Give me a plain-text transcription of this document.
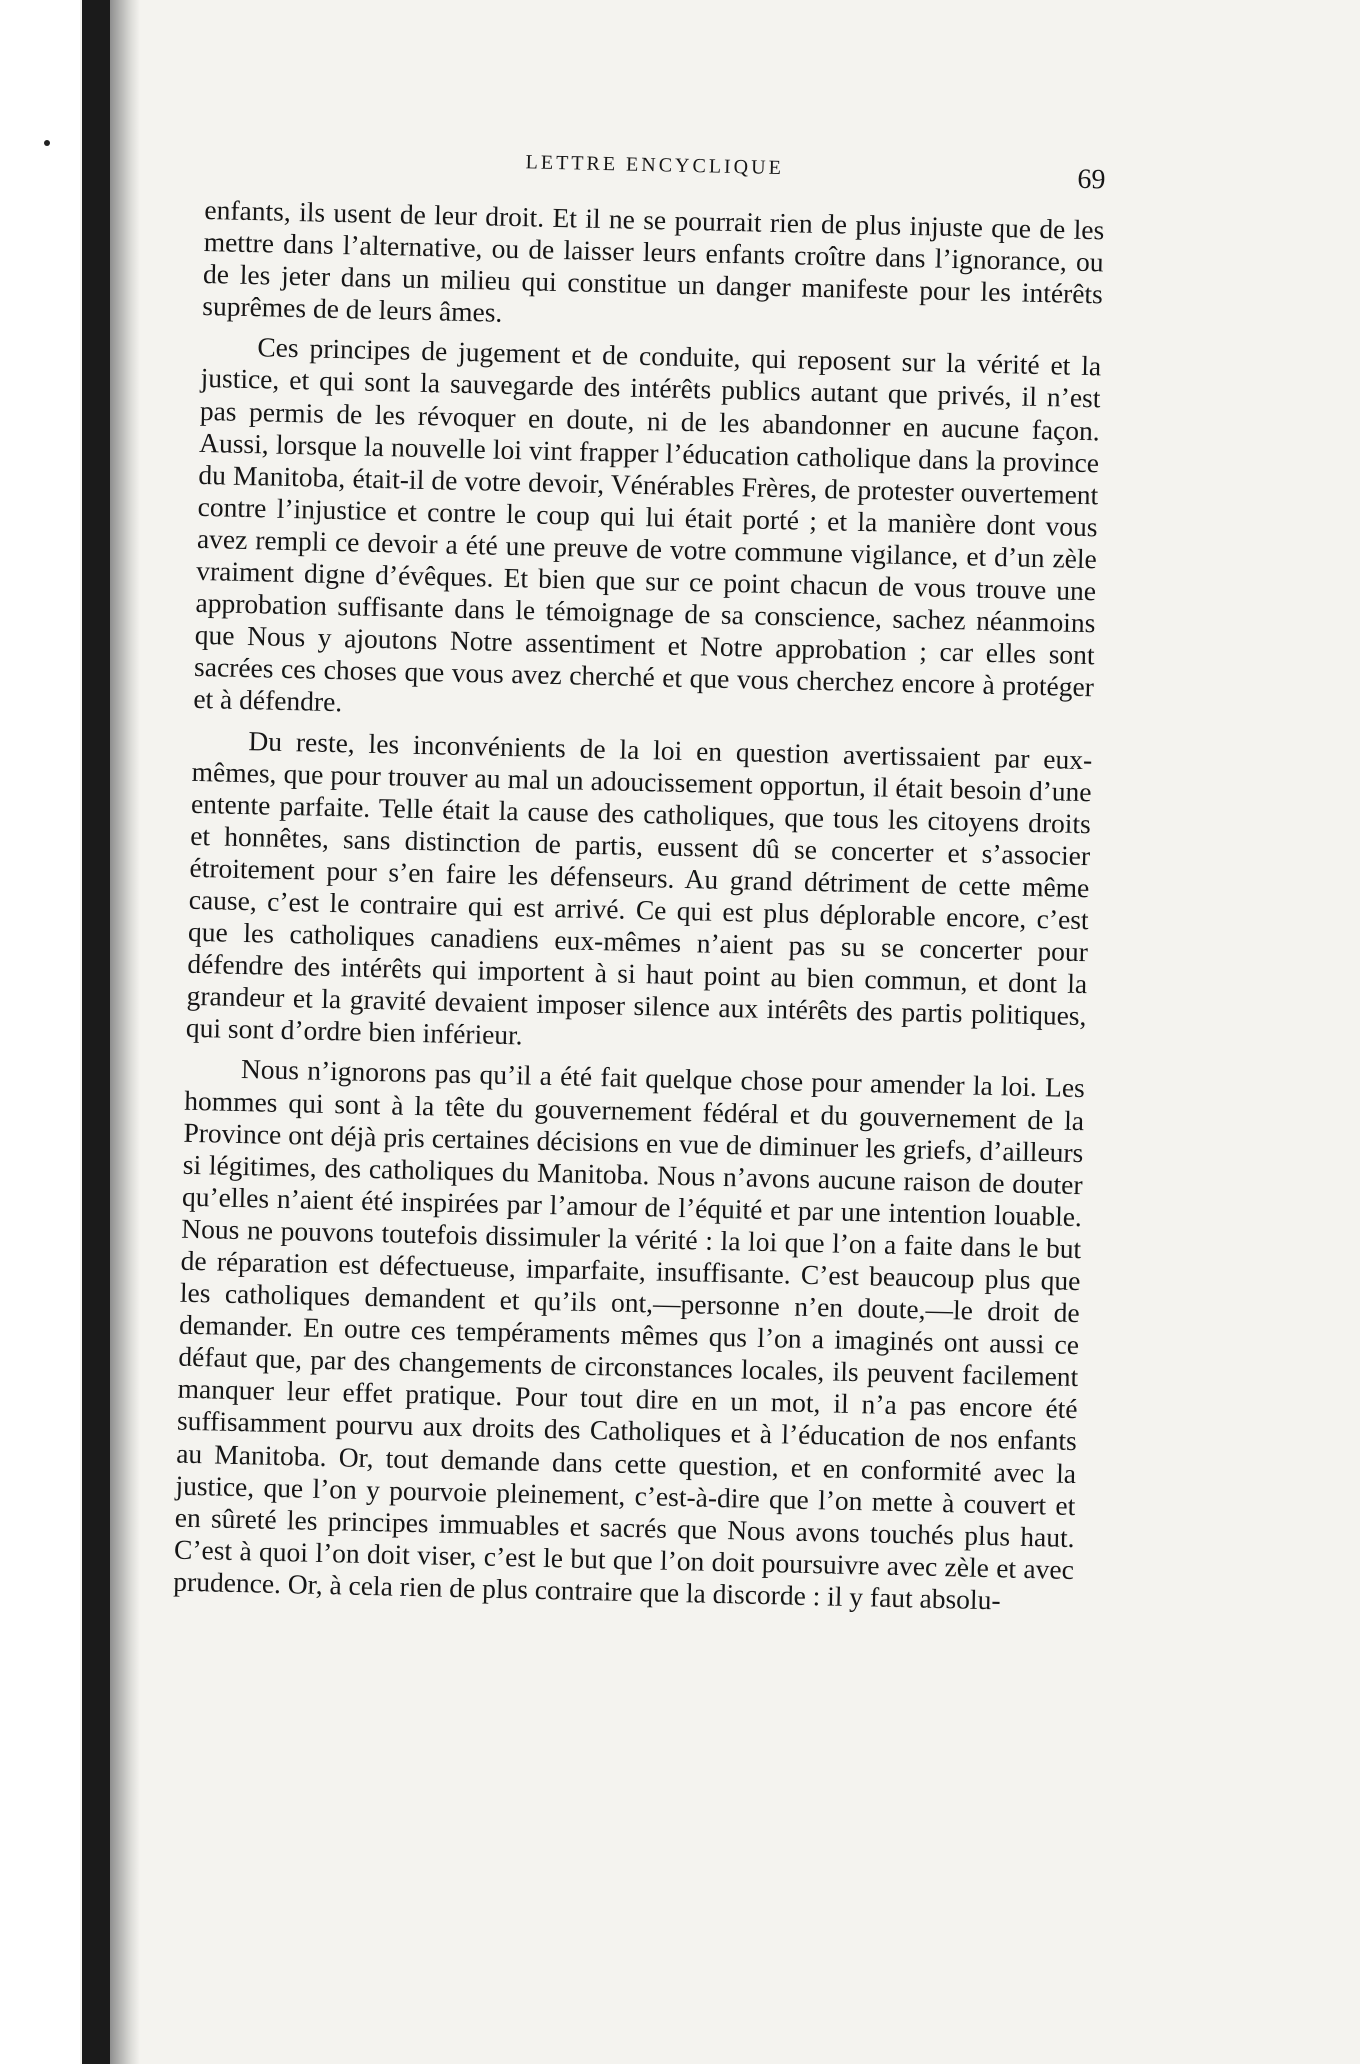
LETTRE ENCYCLIQUE	69

enfants, ils usent de leur droit. Et il ne se pourrait rien de plus injuste que de les mettre dans l’alternative, ou de laisser leurs enfants croître dans l’ignorance, ou de les jeter dans un milieu qui constitue un danger manifeste pour les intérêts suprêmes de de leurs âmes.

Ces principes de jugement et de conduite, qui reposent sur la vérité et la justice, et qui sont la sauvegarde des intérêts publics autant que privés, il n’est pas permis de les révoquer en doute, ni de les abandonner en aucune façon. Aussi, lorsque la nouvelle loi vint frapper l’éducation catholique dans la province du Manitoba, était-il de votre devoir, Vénérables Frères, de protester ouvertement contre l’injustice et contre le coup qui lui était porté ; et la manière dont vous avez rempli ce devoir a été une preuve de votre commune vigilance, et d’un zèle vraiment digne d’évêques. Et bien que sur ce point chacun de vous trouve une approbation suffisante dans le témoignage de sa conscience, sachez néanmoins que Nous y ajoutons Notre assentiment et Notre approbation ; car elles sont sacrées ces choses que vous avez cherché et que vous cherchez encore à protéger et à défendre.

Du reste, les inconvénients de la loi en question avertissaient par eux-mêmes, que pour trouver au mal un adoucissement opportun, il était besoin d’une entente parfaite. Telle était la cause des catholiques, que tous les citoyens droits et honnêtes, sans distinction de partis, eussent dû se concerter et s’associer étroitement pour s’en faire les défenseurs. Au grand détriment de cette même cause, c’est le contraire qui est arrivé. Ce qui est plus déplorable encore, c’est que les catholiques canadiens eux-mêmes n’aient pas su se concerter pour défendre des intérêts qui importent à si haut point au bien commun, et dont la grandeur et la gravité devaient imposer silence aux intérêts des partis politiques, qui sont d’ordre bien inférieur.

Nous n’ignorons pas qu’il a été fait quelque chose pour amender la loi. Les hommes qui sont à la tête du gouvernement fédéral et du gouvernement de la Province ont déjà pris certaines décisions en vue de diminuer les griefs, d’ailleurs si légitimes, des catholiques du Manitoba. Nous n’avons aucune raison de douter qu’elles n’aient été inspirées par l’amour de l’équité et par une intention louable. Nous ne pouvons toutefois dissimuler la vérité : la loi que l’on a faite dans le but de réparation est défectueuse, imparfaite, insuffisante. C’est beaucoup plus que les catholiques demandent et qu’ils ont,—personne n’en doute,—le droit de demander. En outre ces tempéraments mêmes qus l’on a imaginés ont aussi ce défaut que, par des changements de circonstances locales, ils peuvent facilement manquer leur effet pratique. Pour tout dire en un mot, il n’a pas encore été suffisamment pourvu aux droits des Catholiques et à l’éducation de nos enfants au Manitoba. Or, tout demande dans cette question, et en conformité avec la justice, que l’on y pourvoie pleinement, c’est-à-dire que l’on mette à couvert et en sûreté les principes immuables et sacrés que Nous avons touchés plus haut. C’est à quoi l’on doit viser, c’est le but que l’on doit poursuivre avec zèle et avec prudence. Or, à cela rien de plus contraire que la discorde : il y faut absolu-
